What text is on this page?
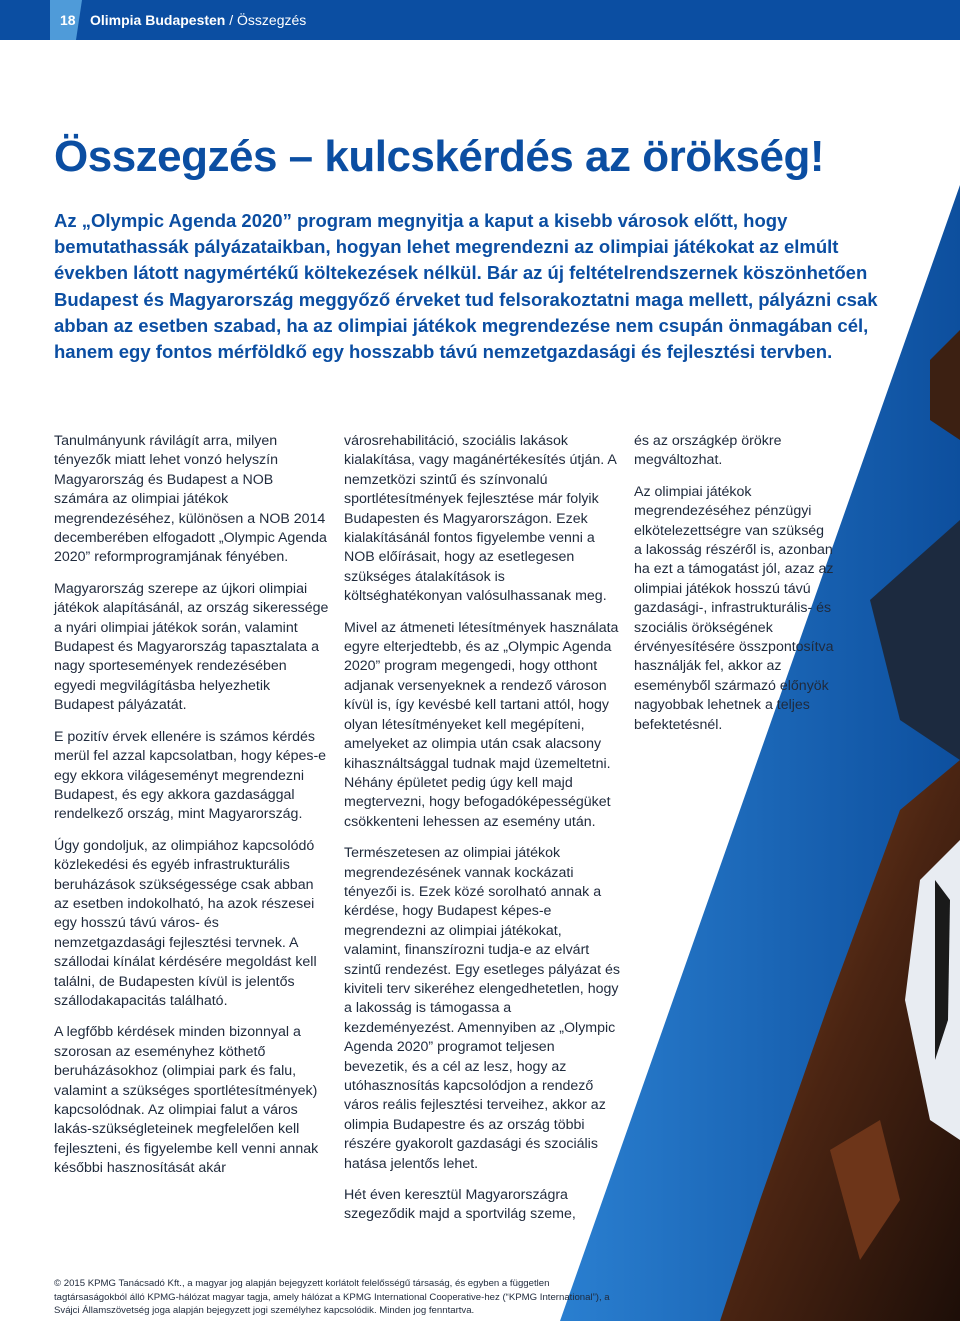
18 Olimpia Budapesten / Összegzés
Összegzés – kulcskérdés az örökség!

Az „Olympic Agenda 2020” program megnyitja a kaput a kisebb városok előtt, hogy bemutathassák pályázataikban, hogyan lehet megrendezni az olimpiai játékokat az elmúlt években látott nagymértékű költekezések nélkül. Bár az új feltételrendszernek köszönhetően Budapest és Magyarország meggyőző érveket tud felsorakoztatni maga mellett, pályázni csak abban az esetben szabad, ha az olimpiai játékok megrendezése nem csupán önmagában cél, hanem egy fontos mérföldkő egy hosszabb távú nemzetgazdasági és fejlesztési tervben.

Tanulmányunk rávilágít arra, milyen tényezők miatt lehet vonzó helyszín Magyarország és Budapest a NOB számára az olimpiai játékok megrendezéséhez, különösen a NOB 2014 decemberében elfogadott „Olympic Agenda 2020” reformprogramjának fényében.

Magyarország szerepe az újkori olimpiai játékok alapításánál, az ország sikeressége a nyári olimpiai játékok során, valamint Budapest és Magyarország tapasztalata a nagy sportesemények rendezésében egyedi megvilágításba helyezhetik Budapest pályázatát.

E pozitív érvek ellenére is számos kérdés merül fel azzal kapcsolatban, hogy képes-e egy ekkora világeseményt megrendezni Budapest, és egy akkora gazdasággal rendelkező ország, mint Magyarország.

Úgy gondoljuk, az olimpiához kapcsolódó közlekedési és egyéb infrastrukturális beruházások szükségessége csak abban az esetben indokolható, ha azok részesei egy hosszú távú város- és nemzetgazdasági fejlesztési tervnek. A szállodai kínálat kérdésére megoldást kell találni, de Budapesten kívül is jelentős szállodakapacitás található.

A legfőbb kérdések minden bizonnyal a szorosan az eseményhez köthető beruházásokhoz (olimpiai park és falu, valamint a szükséges sportlétesítmények) kapcsolódnak. Az olimpiai falut a város lakás-szükségleteinek megfelelően kell fejleszteni, és figyelembe kell venni annak későbbi hasznosítását akár

városrehabilitáció, szociális lakások kialakítása, vagy magánértékesítés útján. A nemzetközi szintű és színvonalú sportlétesítmények fejlesztése már folyik Budapesten és Magyarországon. Ezek kialakításánál fontos figyelembe venni a NOB előírásait, hogy az esetlegesen szükséges átalakítások is költséghatékonyan valósulhassanak meg.

Mivel az átmeneti létesítmények használata egyre elterjedtebb, és az „Olympic Agenda 2020” program megengedi, hogy otthont adjanak versenyeknek a rendező városon kívül is, így kevésbé kell tartani attól, hogy olyan létesítményeket kell megépíteni, amelyeket az olimpia után csak alacsony kihasználtsággal tudnak majd üzemeltetni. Néhány épületet pedig úgy kell majd megtervezni, hogy befogadóképességüket csökkenteni lehessen az esemény után.

Természetesen az olimpiai játékok megrendezésének vannak kockázati tényezői is. Ezek közé sorolható annak a kérdése, hogy Budapest képes-e megrendezni az olimpiai játékokat, valamint, finanszírozni tudja-e az elvárt szintű rendezést. Egy esetleges pályázat és kiviteli terv sikeréhez elengedhetetlen, hogy a lakosság is támogassa a kezdeményezést. Amennyiben az „Olympic Agenda 2020” programot teljesen bevezetik, és a cél az lesz, hogy az utóhasznosítás kapcsolódjon a rendező város reális fejlesztési terveihez, akkor az olimpia Budapestre és az ország többi részére gyakorolt gazdasági és szociális hatása jelentős lehet.

Hét éven keresztül Magyarországra szegeződik majd a sportvilág szeme,

és az országkép örökre megváltozhat.

Az olimpiai játékok megrendezéséhez pénzügyi elkötelezettségre van szükség a lakosság részéről is, azonban ha ezt a támogatást jól, azaz az olimpiai játékok hosszú távú gazdasági-, infrastrukturális- és szociális örökségének érvényesítésére összpontosítva használják fel, akkor az eseményből származó előnyök nagyobbak lehetnek a teljes befektetésnél.

© 2015 KPMG Tanácsadó Kft., a magyar jog alapján bejegyzett korlátolt felelősségű társaság, és egyben a független tagtársaságokból álló KPMG-hálózat magyar tagja, amely hálózat a KPMG International Cooperative-hez (“KPMG International”), a Svájci Államszövetség joga alapján bejegyzett jogi személyhez kapcsolódik. Minden jog fenntartva.
